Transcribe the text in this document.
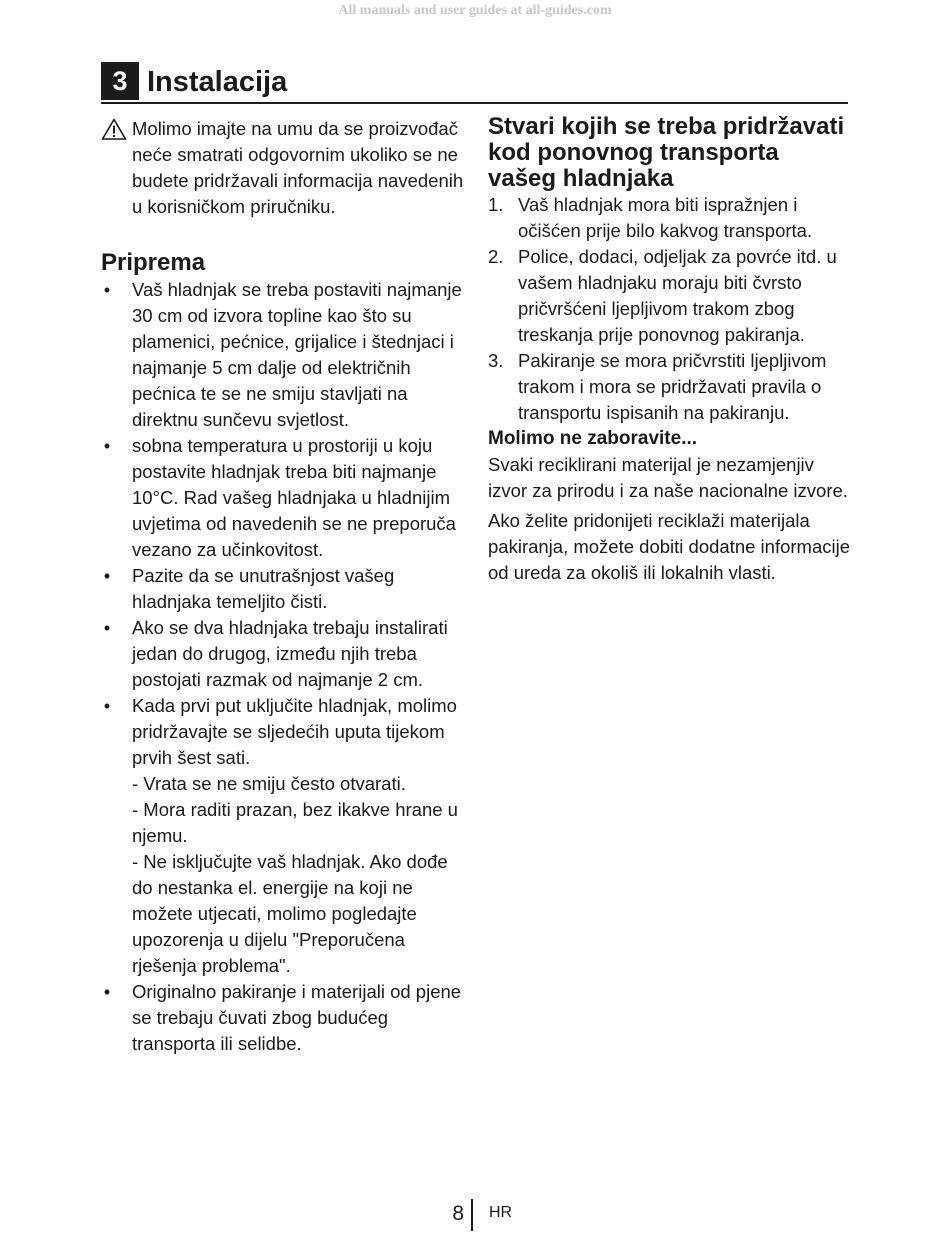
All manuals and user guides at all-guides.com
3 Instalacija
Molimo imajte na umu da se proizvođač neće smatrati odgovornim ukoliko se ne budete pridržavali informacija navedenih u korisničkom priručniku.
Priprema
• Vaš hladnjak se treba postaviti najmanje 30 cm od izvora topline kao što su plamenici, pećnice, grijalice i štednjaci i najmanje 5 cm dalje od električnih pećnica te se ne smiju stavljati na direktnu sunčevu svjetlost.
• sobna temperatura u prostoriji u koju postavite hladnjak treba biti najmanje 10°C. Rad vašeg hladnjaka u hladnijim uvjetima od navedenih se ne preporuča vezano za učinkovitost.
• Pazite da se unutrašnjost vašeg hladnjaka temeljito čisti.
• Ako se dva hladnjaka trebaju instalirati jedan do drugog, između njih treba postojati razmak od najmanje 2 cm.
• Kada prvi put uključite hladnjak, molimo pridržavajte se sljedećih uputa tijekom prvih šest sati.
- Vrata se ne smiju često otvarati.
- Mora raditi prazan, bez ikakve hrane u njemu.
- Ne isključujte vaš hladnjak. Ako dođe do nestanka el. energije na koji ne možete utjecati, molimo pogledajte upozorenja u dijelu "Preporučena rješenja problema".
• Originalno pakiranje i materijali od pjene se trebaju čuvati zbog budućeg transporta ili selidbe.
Stvari kojih se treba pridržavati kod ponovnog transporta vašeg hladnjaka
1. Vaš hladnjak mora biti ispražnjen i očišćen prije bilo kakvog transporta.
2. Police, dodaci, odjeljak za povrće itd. u vašem hladnjaku moraju biti čvrsto pričvršćeni ljepljivom trakom zbog treskanja prije ponovnog pakiranja.
3. Pakiranje se mora pričvrstiti ljepljivom trakom i mora se pridržavati pravila o transportu ispisanih na pakiranju.
Molimo ne zaboravite...

Svaki reciklirani materijal je nezamjenjiv izvor za prirodu i za naše nacionalne izvore.

Ako želite pridonijeti reciklaži materijala pakiranja, možete dobiti dodatne informacije od ureda za okoliš ili lokalnih vlasti.

8 HR
